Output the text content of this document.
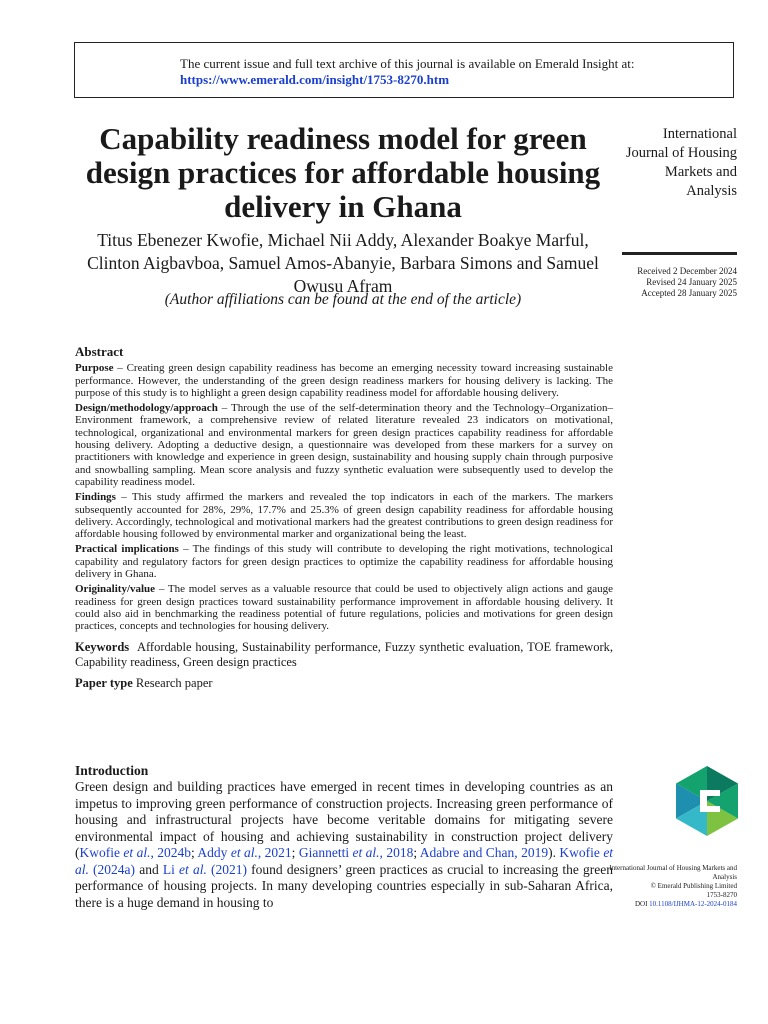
The current issue and full text archive of this journal is available on Emerald Insight at:
https://www.emerald.com/insight/1753-8270.htm
Capability readiness model for green design practices for affordable housing delivery in Ghana
Titus Ebenezer Kwofie, Michael Nii Addy, Alexander Boakye Marful, Clinton Aigbavboa, Samuel Amos-Abanyie, Barbara Simons and Samuel Owusu Afram
(Author affiliations can be found at the end of the article)
International Journal of Housing Markets and Analysis
Received 2 December 2024
Revised 24 January 2025
Accepted 28 January 2025
Abstract

Purpose – Creating green design capability readiness has become an emerging necessity toward increasing sustainable performance. However, the understanding of the green design readiness markers for housing delivery is lacking. The purpose of this study is to highlight a green design capability readiness model for affordable housing delivery.

Design/methodology/approach – Through the use of the self-determination theory and the Technology–Organization–Environment framework, a comprehensive review of related literature revealed 23 indicators on motivational, technological, organizational and environmental markers for green design practices capability readiness for affordable housing delivery. Adopting a deductive design, a questionnaire was developed from these markers for a survey on practitioners with knowledge and experience in green design, sustainability and housing supply chain through purposive and snowballing sampling. Mean score analysis and fuzzy synthetic evaluation were subsequently used to develop the capability readiness model.

Findings – This study affirmed the markers and revealed the top indicators in each of the markers. The markers subsequently accounted for 28%, 29%, 17.7% and 25.3% of green design capability readiness for affordable housing delivery. Accordingly, technological and motivational markers had the greatest contributions to green design readiness for affordable housing followed by environmental marker and organizational being the least.

Practical implications – The findings of this study will contribute to developing the right motivations, technological capability and regulatory factors for green design practices to optimize the capability readiness for affordable housing delivery in Ghana.

Originality/value – The model serves as a valuable resource that could be used to objectively align actions and gauge readiness for green design practices toward sustainability performance improvement in affordable housing delivery. It could also aid in benchmarking the readiness potential of future regulations, policies and motivations for green design practices, concepts and technologies for housing delivery.

Keywords Affordable housing, Sustainability performance, Fuzzy synthetic evaluation, TOE framework, Capability readiness, Green design practices
Paper type Research paper
Introduction

Green design and building practices have emerged in recent times in developing countries as an impetus to improving green performance of construction projects. Increasing green performance of housing and infrastructural projects have become veritable domains for mitigating severe environmental impact of housing and achieving sustainability in construction project delivery (Kwofie et al., 2024b; Addy et al., 2021; Giannetti et al., 2018; Adabre and Chan, 2019). Kwofie et al. (2024a) and Li et al. (2021) found designers’ green practices as crucial to increasing the green performance of housing projects. In many developing countries especially in sub-Saharan Africa, there is a huge demand in housing to

International Journal of Housing Markets and Analysis
© Emerald Publishing Limited
1753-8270
DOI 10.1108/IJHMA-12-2024-0184
